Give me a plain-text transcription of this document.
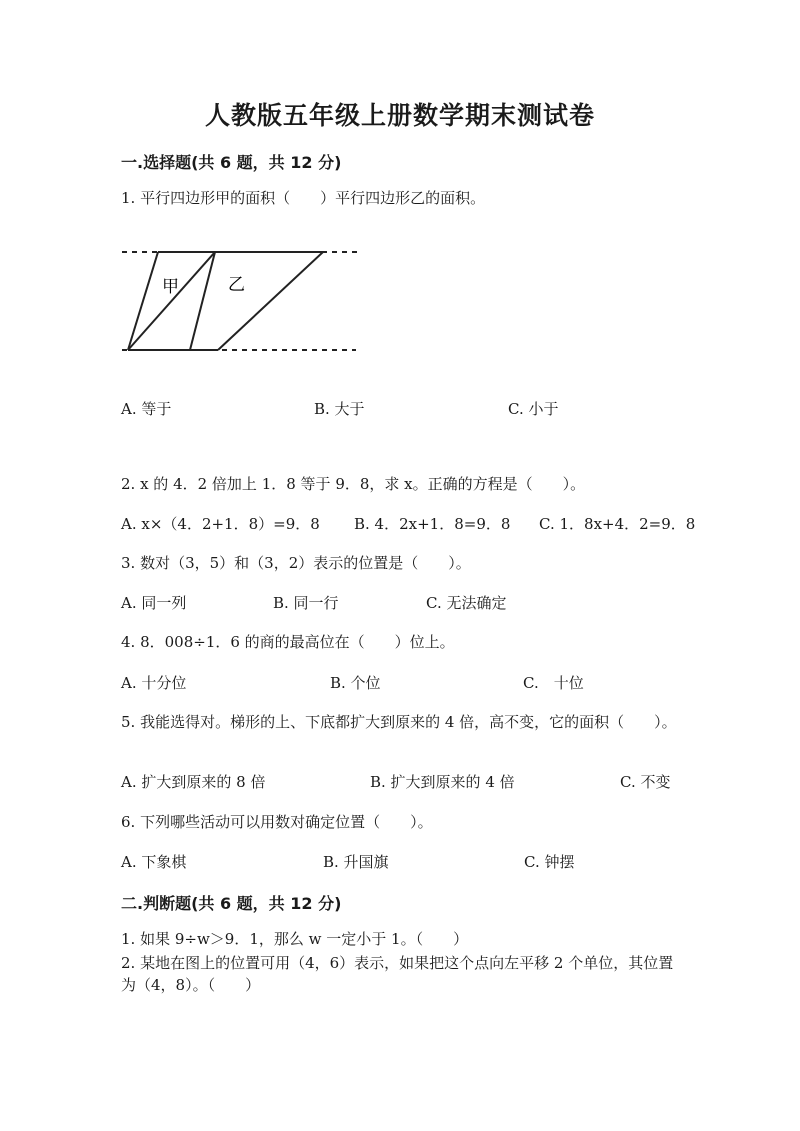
人教版五年级上册数学期末测试卷
一.选择题(共 6 题，共 12 分)
1. 平行四边形甲的面积（　　）平行四边形乙的面积。
甲	乙
A. 等于	B. 大于	C. 小于
2. x 的 4．2 倍加上 1．8 等于 9．8，求 x。正确的方程是（　　）。
A. x×（4．2+1．8）=9．8 B. 4．2x+1．8=9．8 C. 1．8x+4．2=9．8
3. 数对（3，5）和（3，2）表示的位置是（　　）。
A. 同一列	B. 同一行	C. 无法确定
4. 8．008÷1．6 的商的最高位在（　　）位上。
A. 十分位	B. 个位	C.　十位
5. 我能选得对。梯形的上、下底都扩大到原来的 4 倍，高不变，它的面积（　　）。
A. 扩大到原来的 8 倍	B. 扩大到原来的 4 倍	C. 不变
6. 下列哪些活动可以用数对确定位置（　　）。
A. 下象棋	B. 升国旗	C. 钟摆
二.判断题(共 6 题，共 12 分)
1. 如果 9÷w＞9．1，那么 w 一定小于 1。（　　）
2. 某地在图上的位置可用（4，6）表示，如果把这个点向左平移 2 个单位，其位置为（4，8）。（　　）
